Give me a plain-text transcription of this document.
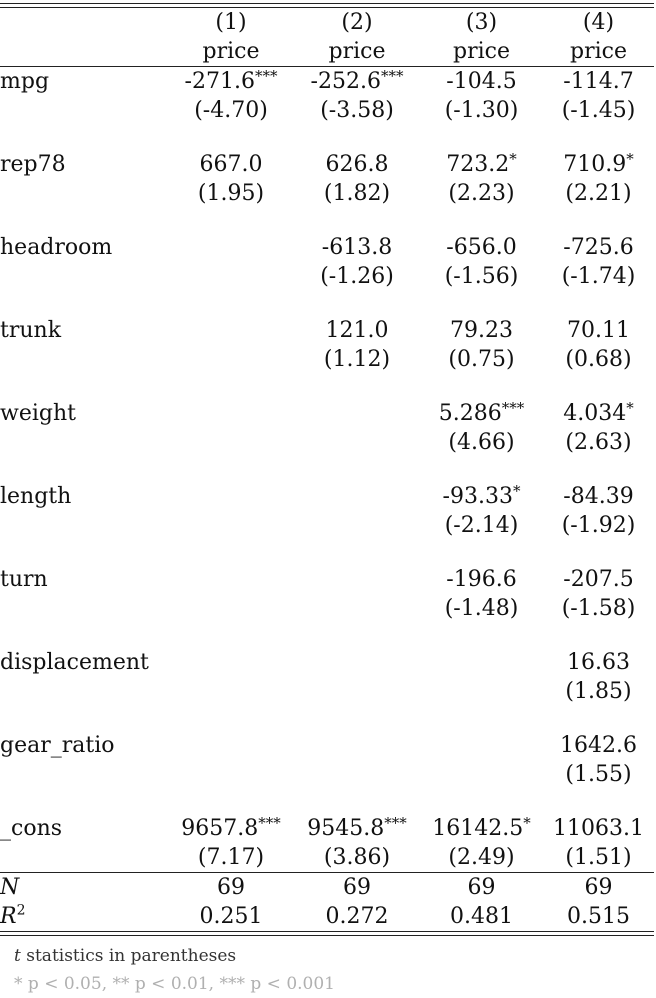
	(1)	(2)	(3)	(4)
	price	price	price	price

mpg	-271.6***	-252.6***	-104.5	-114.7
	(-4.70)	(-3.58)	(-1.30)	(-1.45)

rep78	667.0	626.8	723.2*	710.9*
	(1.95)	(1.82)	(2.23)	(2.21)

headroom		-613.8	-656.0	-725.6
		(-1.26)	(-1.56)	(-1.74)

trunk		121.0	79.23	70.11
		(1.12)	(0.75)	(0.68)

weight			5.286***	4.034*
			(4.66)	(2.63)

length			-93.33*	-84.39
			(-2.14)	(-1.92)

turn			-196.6	-207.5
			(-1.48)	(-1.58)

displacement				16.63
				(1.85)

gear_ratio				1642.6
				(1.55)

_cons	9657.8***	9545.8***	16142.5*	11063.1
	(7.17)	(3.86)	(2.49)	(1.51)

N	69	69	69	69
$R^2$	0.251	0.272	0.481	0.515

t statistics in parentheses
* p < 0.05, ** p < 0.01, *** p < 0.001
